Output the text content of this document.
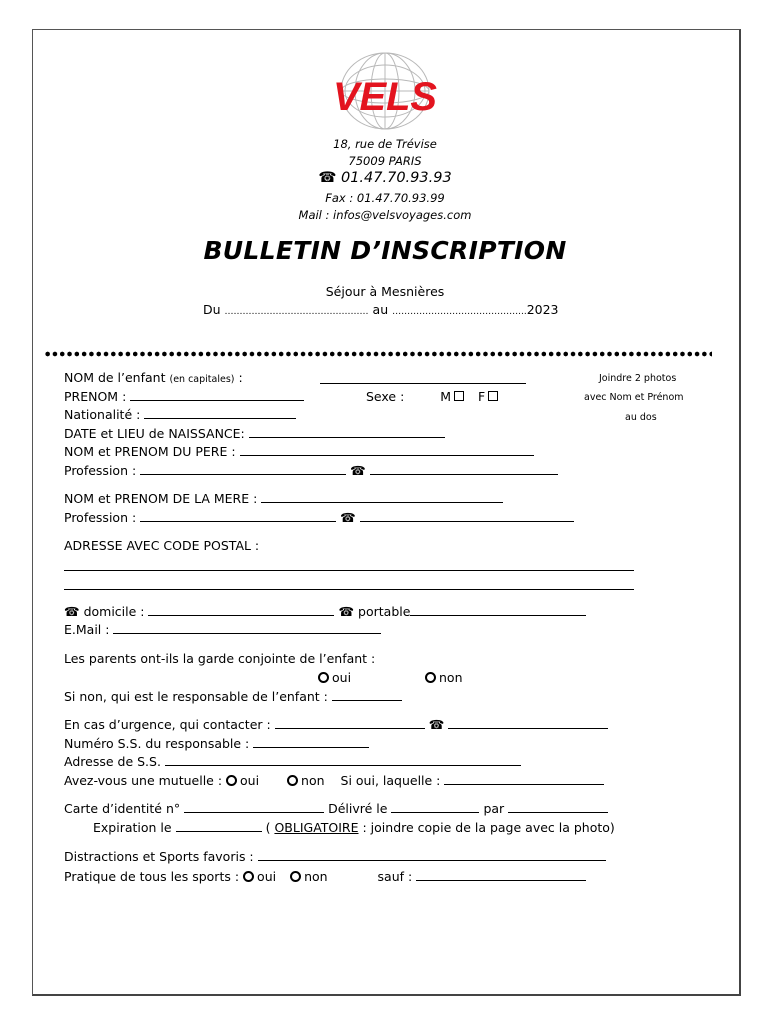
VELS
18, rue de Trévise
75009 PARIS
☎ 01.47.70.93.93
Fax : 01.47.70.93.99
Mail : infos@velsvoyages.com
BULLETIN D’INSCRIPTION
Séjour à Mesnières
Du ………………………………………… au ……………………………………...2023
Joindre 2 photos
avec Nom et Prénom
au dos
NOM de l’enfant (en capitales) :
PRENOM :	Sexe :	M F
Nationalité :
DATE et LIEU de NAISSANCE:
NOM et PRENOM DU PERE :
Profession :	☎
NOM et PRENOM DE LA MERE :
Profession :	☎
ADRESSE AVEC CODE POSTAL :
☎ domicile :	☎ portable
E.Mail :
Les parents ont-ils la garde conjointe de l’enfant :
oui	non
Si non, qui est le responsable de l’enfant :
En cas d’urgence, qui contacter :	☎
Numéro S.S. du responsable :
Adresse de S.S.
Avez-vous une mutuelle : oui	non Si oui, laquelle :
Carte d’identité n°	Délivré le	par
Expiration le	( OBLIGATOIRE : joindre copie de la page avec la photo)
Distractions et Sports favoris :
Pratique de tous les sports : oui non	sauf :
